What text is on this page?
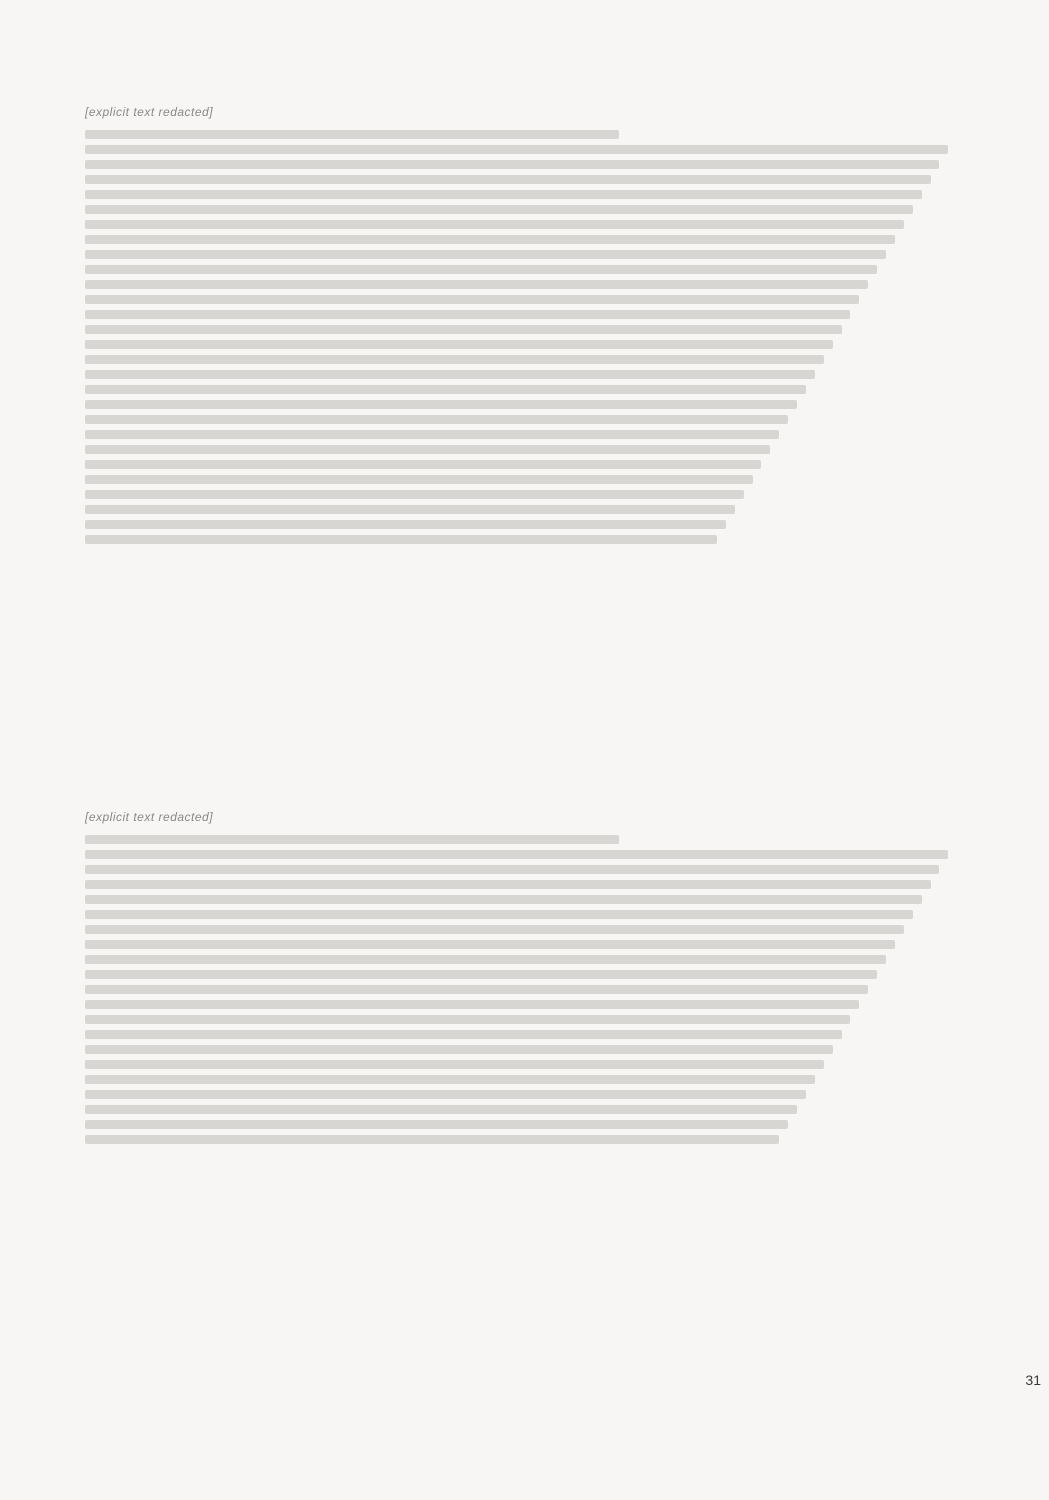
[explicit text redacted]
[explicit text redacted]
31
